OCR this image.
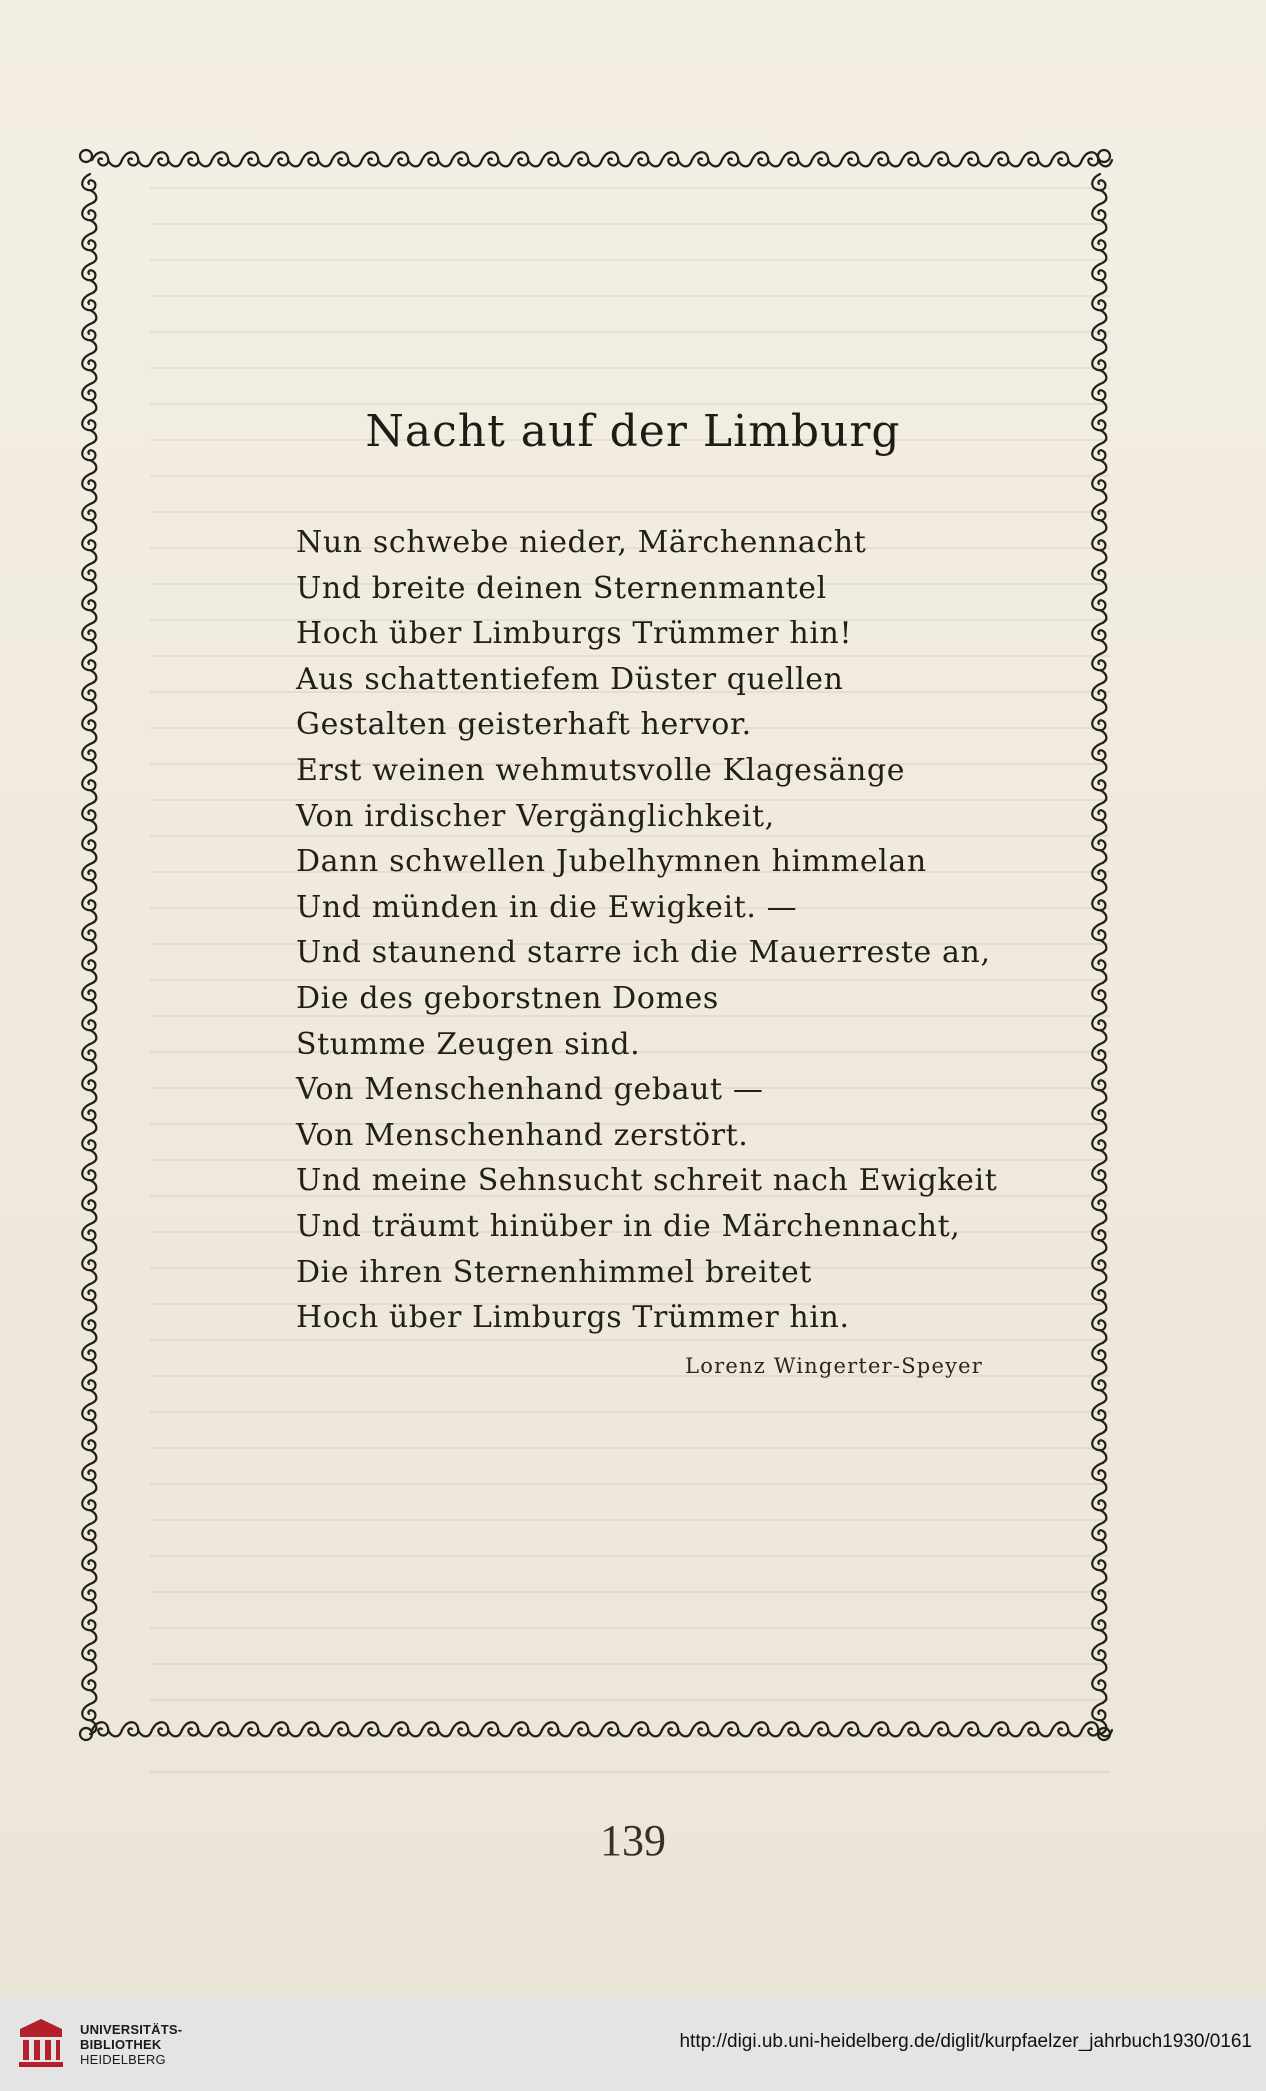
Nacht auf der Limburg
Nun schwebe nieder, Märchennacht
Und breite deinen Sternenmantel
Hoch über Limburgs Trümmer hin!
Aus schattentiefem Düster quellen
Gestalten geisterhaft hervor.
Erst weinen wehmutsvolle Klagesänge
Von irdischer Vergänglichkeit,
Dann schwellen Jubelhymnen himmelan
Und münden in die Ewigkeit. —
Und staunend starre ich die Mauerreste an,
Die des geborstnen Domes
Stumme Zeugen sind.
Von Menschenhand gebaut —
Von Menschenhand zerstört.
Und meine Sehnsucht schreit nach Ewigkeit
Und träumt hinüber in die Märchennacht,
Die ihren Sternenhimmel breitet
Hoch über Limburgs Trümmer hin.
Lorenz Wingerter-Speyer
139
UNIVERSITÄTS-
BIBLIOTHEK
HEIDELBERG
http://digi.ub.uni-heidelberg.de/diglit/kurpfaelzer_jahrbuch1930/0161
